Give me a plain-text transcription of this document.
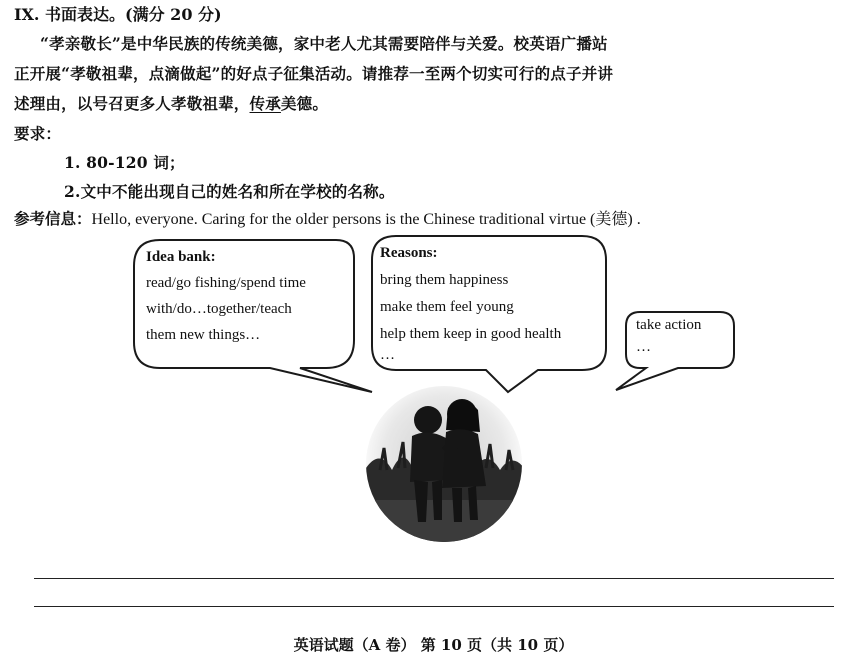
IX. 书面表达。(满分 20 分)
“孝亲敬长”是中华民族的传统美德，家中老人尤其需要陪伴与关爱。校英语广播站
正开展“孝敬祖辈，点滴做起”的好点子征集活动。请推荐一至两个切实可行的点子并讲
述理由，以号召更多人孝敬祖辈，传承美德。
要求：
1. 80-120 词；
2.文中不能出现自己的姓名和所在学校的名称。
参考信息：Hello, everyone. Caring for the older persons is the Chinese traditional virtue (美德) .
Idea bank:
read/go fishing/spend time
with/do…together/teach
them new things…
Reasons:
bring them happiness
make them feel young
help them keep in good health
…
take action
…
英语试题（A 卷） 第 10 页（共 10 页）
